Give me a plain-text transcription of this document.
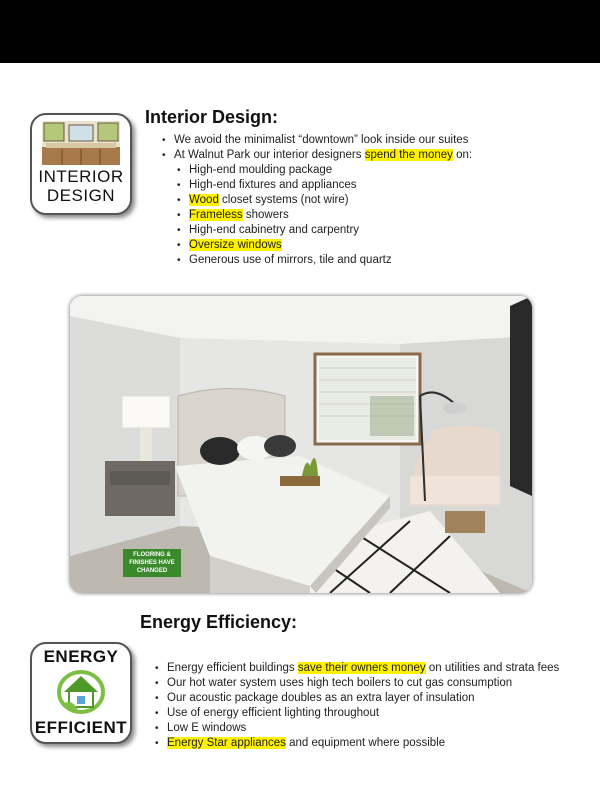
INTERIOR
DESIGN
Interior Design:
• We avoid the minimalist “downtown” look inside our suites
• At Walnut Park our interior designers spend the money on:
• High-end moulding package
• High-end fixtures and appliances
• Wood closet systems (not wire)
• Frameless showers
• High-end cabinetry and carpentry
• Oversize windows
• Generous use of mirrors, tile and quartz
FLOORING & FINISHES HAVE CHANGED
ENERGY
EFFICIENT
Energy Efficiency:
• Energy efficient buildings save their owners money on utilities and strata fees
• Our hot water system uses high tech boilers to cut gas consumption
• Our acoustic package doubles as an extra layer of insulation
• Use of energy efficient lighting throughout
• Low E windows
• Energy Star appliances and equipment where possible
